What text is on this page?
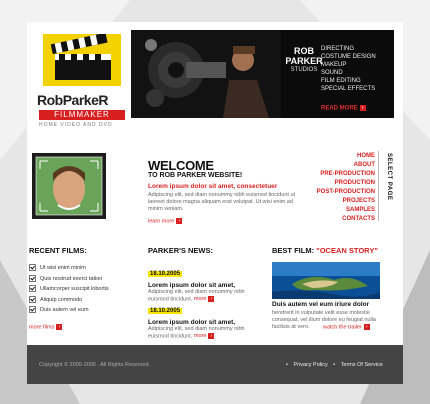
RobParkeR
FILMMAKER
HOME VIDEO AND DVD
ROB PARKER
STUDIOS
DIRECTING
COSTUME DESIGN
MAKEUP
SOUND
FILM EDITING
SPECIAL EFFECTS
READ MORE ›
WELCOME
TO ROB PARKER WEBSITE!
Lorem ipsum dolor sit amet, consectetuer
Adipiscing elit, sed diam nonummy nibh euismod tincidunt ut laoreet dolore magna aliquam erat volutpat. Ut wisi enim ad minim veniam.
learn more ›
HOME
ABOUT
PRE-PRODUCTION
PRODUCTION
POST-PRODUCTION
PROJECTS
SAMPLES
CONTACTS
SELECT PAGE
RECENT FILMS:
Ut wisi enim minim
Quis nostrud exerci tation
Ullamcorper suscipit lobortis
Aliquip commodo
Duis autem vel eum
more films ›
PARKER'S NEWS:
18.10.2005
Lorem ipsum dolor sit amet,
Adipiscing elit, sed diam nonummy nibh euismod tincidunt. more ›
18.10.2005
Lorem ipsum dolor sit amet,
Adipiscing elit, sed diam nonummy nibh euismod tincidunt. more ›
BEST FILM: "OCEAN STORY"
Duis autem vel eum iriure dolor
hendrerit in vulputate velit esse molestie consequat, vel illum dolore eu feugiat nulla facilisis at vero.	watch the trailer ›
Copyright © 2005-2006 . All Rights Reserved.	▪ Privacy Policy ▪ Terms Of Service
